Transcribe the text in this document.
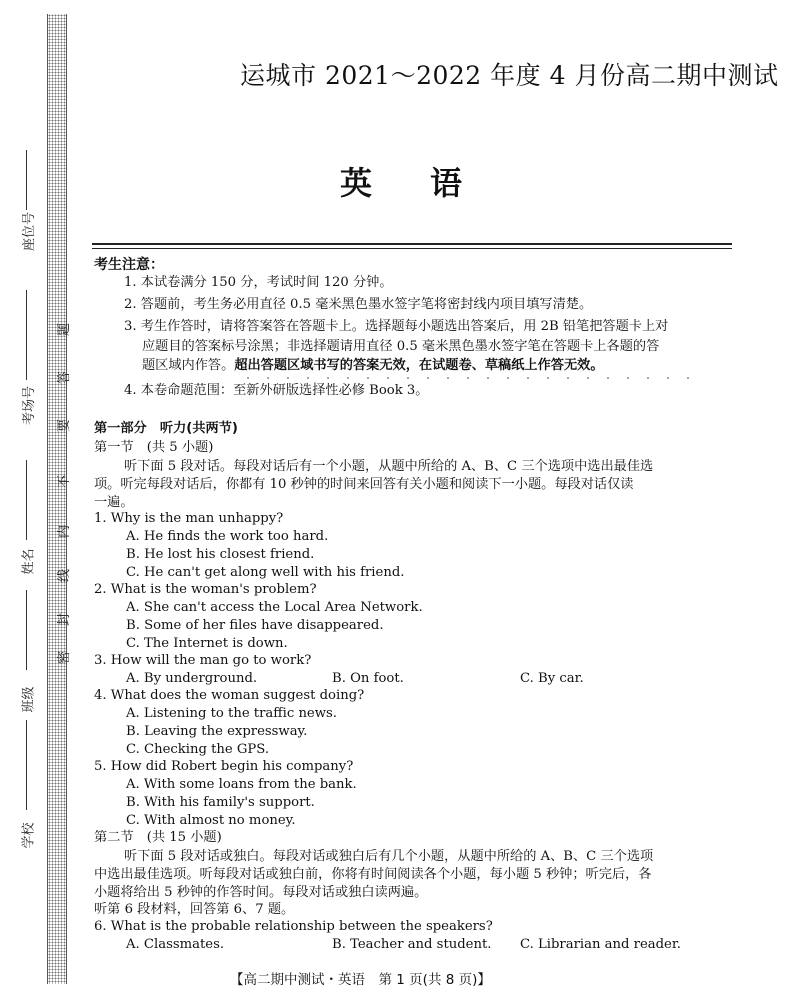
座位号
考场号
姓名
班级
学校
密
封
线
内
不
要
答
题
运城市 2021～2022 年度 4 月份高二期中测试
英语
考生注意：
1. 本试卷满分 150 分，考试时间 120 分钟。
2. 答题前，考生务必用直径 0.5 毫米黑色墨水签字笔将密封线内项目填写清楚。
3. 考生作答时，请将答案答在答题卡上。选择题每小题选出答案后，用 2B 铅笔把答题卡上对
应题目的答案标号涂黑；非选择题请用直径 0.5 毫米黑色墨水签字笔在答题卡上各题的答
题区域内作答。超出答题区域书写的答案无效，在试题卷、草稿纸上作答无效。
4. 本卷命题范围：至新外研版选择性必修 Book 3。
第一部分　听力(共两节)
第一节　(共 5 小题)
听下面 5 段对话。每段对话后有一个小题，从题中所给的 A、B、C 三个选项中选出最佳选
项。听完每段对话后，你都有 10 秒钟的时间来回答有关小题和阅读下一小题。每段对话仅读
一遍。
1. Why is the man unhappy?
A. He finds the work too hard.
B. He lost his closest friend.
C. He can't get along well with his friend.
2. What is the woman's problem?
A. She can't access the Local Area Network.
B. Some of her files have disappeared.
C. The Internet is down.
3. How will the man go to work?
A. By underground.	B. On foot.	C. By car.
4. What does the woman suggest doing?
A. Listening to the traffic news.
B. Leaving the expressway.
C. Checking the GPS.
5. How did Robert begin his company?
A. With some loans from the bank.
B. With his family's support.
C. With almost no money.
第二节　(共 15 小题)
听下面 5 段对话或独白。每段对话或独白后有几个小题，从题中所给的 A、B、C 三个选项
中选出最佳选项。听每段对话或独白前，你将有时间阅读各个小题，每小题 5 秒钟；听完后，各
小题将给出 5 秒钟的作答时间。每段对话或独白读两遍。
听第 6 段材料，回答第 6、7 题。
6. What is the probable relationship between the speakers?
A. Classmates.	B. Teacher and student. C. Librarian and reader.
【高二期中测试・英语　第 1 页(共 8 页)】
